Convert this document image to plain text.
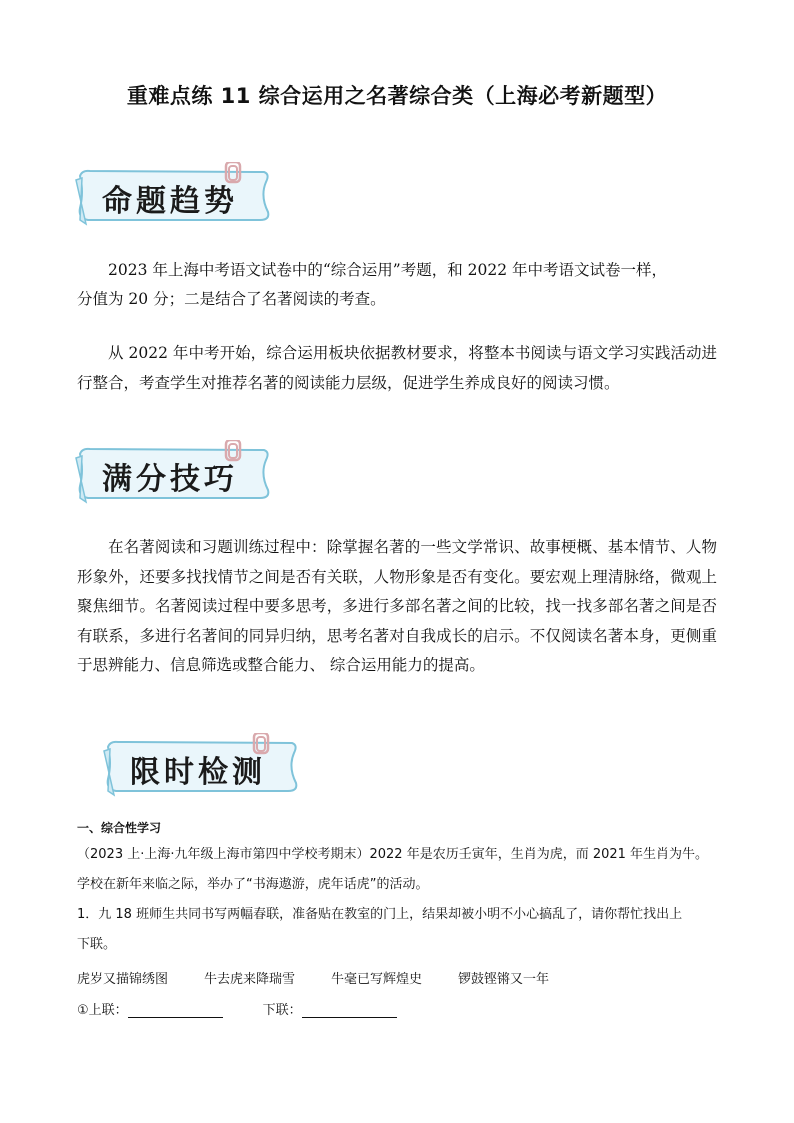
重难点练 11 综合运用之名著综合类（上海必考新题型）
命题趋势
2023 年上海中考语文试卷中的“综合运用”考题，和 2022 年中考语文试卷一样，
分值为 20 分；二是结合了名著阅读的考查。
从 2022 年中考开始，综合运用板块依据教材要求，将整本书阅读与语文学习实践活动进行整合，考查学生对推荐名著的阅读能力层级，促进学生养成良好的阅读习惯。
满分技巧
在名著阅读和习题训练过程中：除掌握名著的一些文学常识、故事梗概、基本情节、人物形象外，还要多找找情节之间是否有关联，人物形象是否有变化。要宏观上理清脉络，微观上聚焦细节。名著阅读过程中要多思考，多进行多部名著之间的比较，找一找多部名著之间是否有联系，多进行名著间的同异归纳，思考名著对自我成长的启示。不仅阅读名著本身，更侧重于思辨能力、信息筛选或整合能力、 综合运用能力的提高。
限时检测
一、综合性学习
（2023 上·上海·九年级上海市第四中学校考期末）2022 年是农历壬寅年，生肖为虎，而 2021 年生肖为牛。
学校在新年来临之际，举办了“书海遨游，虎年话虎”的活动。
1．九 18 班师生共同书写两幅春联，准备贴在教室的门上，结果却被小明不小心搞乱了，请你帮忙找出上
下联。
虎岁又描锦绣图	牛去虎来降瑞雪	牛毫已写辉煌史	锣鼓铿锵又一年
①上联：	下联：
